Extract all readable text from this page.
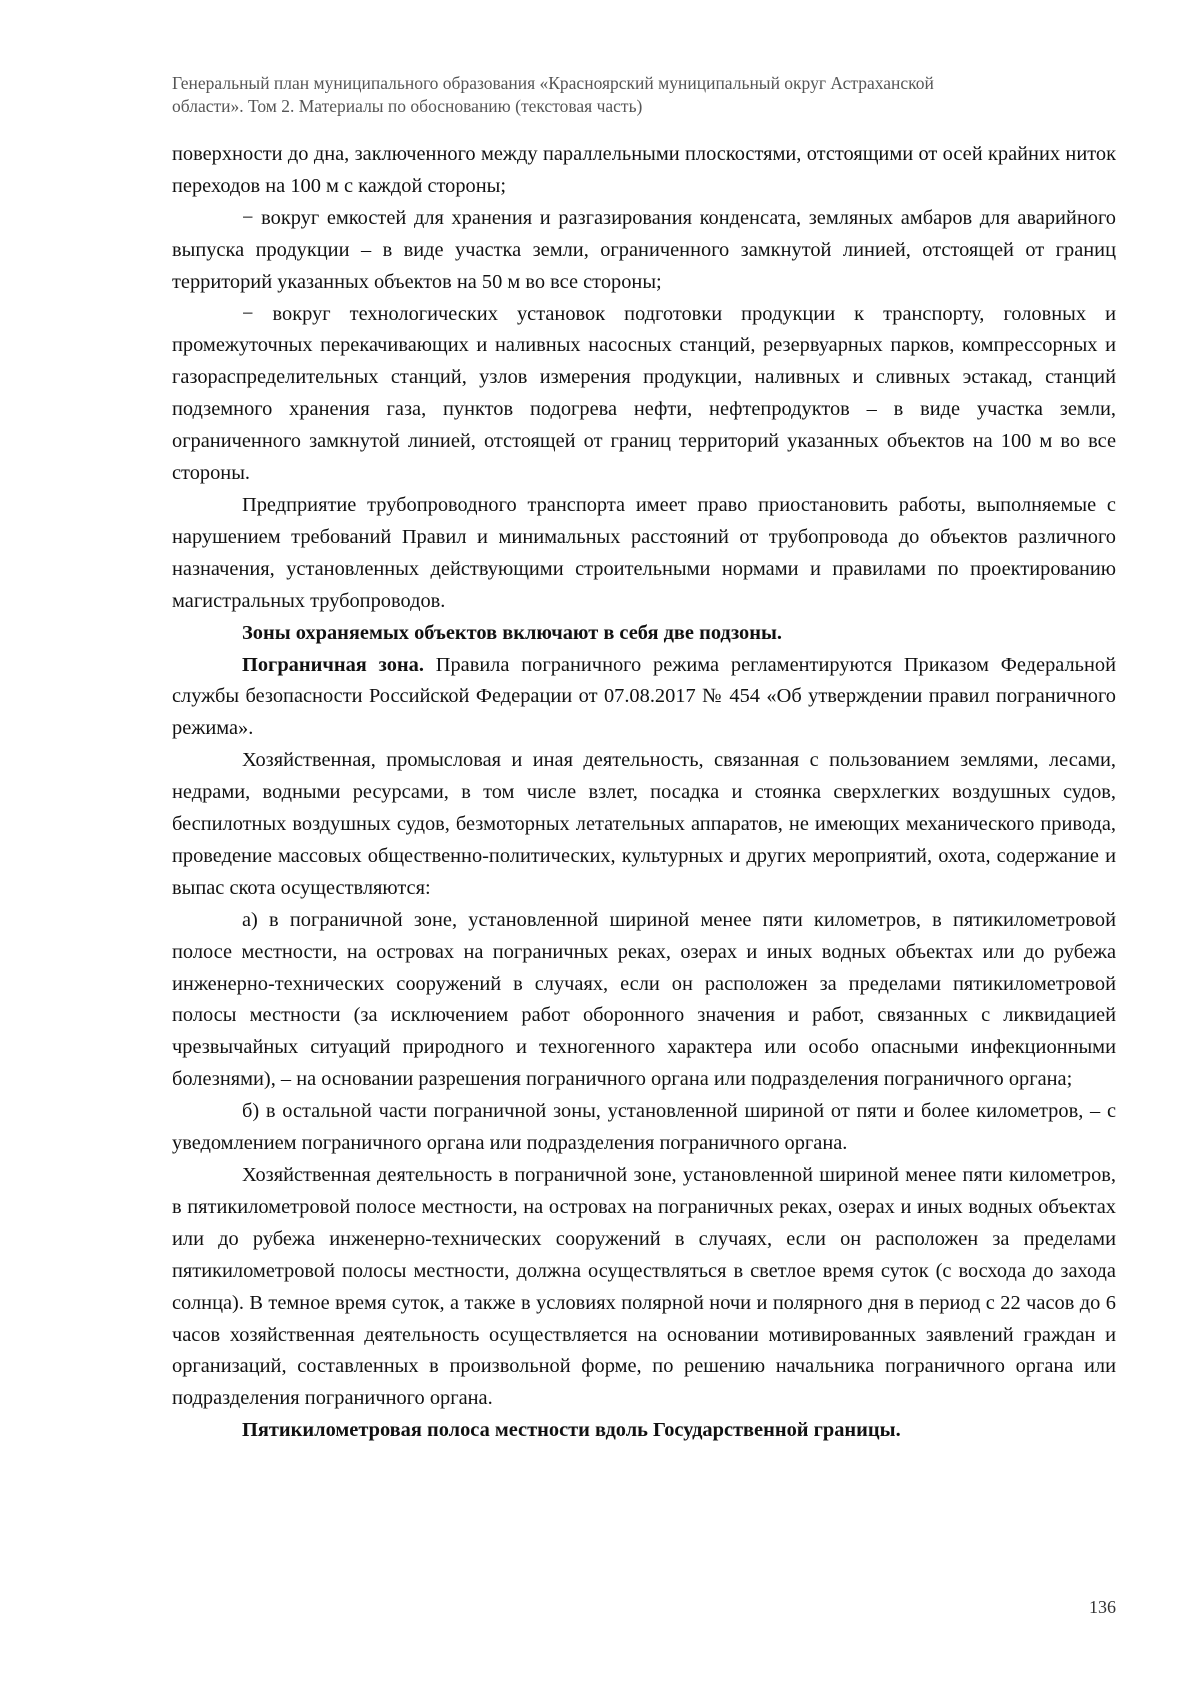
Генеральный план муниципального образования «Красноярский муниципальный округ Астраханской
области». Том 2. Материалы по обоснованию (текстовая часть)

поверхности до дна, заключенного между параллельными плоскостями, отстоящими от осей крайних ниток переходов на 100 м с каждой стороны;

− вокруг емкостей для хранения и разгазирования конденсата, земляных амбаров для аварийного выпуска продукции – в виде участка земли, ограниченного замкнутой линией, отстоящей от границ территорий указанных объектов на 50 м во все стороны;

− вокруг технологических установок подготовки продукции к транспорту, головных и промежуточных перекачивающих и наливных насосных станций, резервуарных парков, компрессорных и газораспределительных станций, узлов измерения продукции, наливных и сливных эстакад, станций подземного хранения газа, пунктов подогрева нефти, нефтепродуктов – в виде участка земли, ограниченного замкнутой линией, отстоящей от границ территорий указанных объектов на 100 м во все стороны.

Предприятие трубопроводного транспорта имеет право приостановить работы, выполняемые с нарушением требований Правил и минимальных расстояний от трубопровода до объектов различного назначения, установленных действующими строительными нормами и правилами по проектированию магистральных трубопроводов.

Зоны охраняемых объектов включают в себя две подзоны.

Пограничная зона. Правила пограничного режима регламентируются Приказом Федеральной службы безопасности Российской Федерации от 07.08.2017 № 454 «Об утверждении правил пограничного режима».

Хозяйственная, промысловая и иная деятельность, связанная с пользованием землями, лесами, недрами, водными ресурсами, в том числе взлет, посадка и стоянка сверхлегких воздушных судов, беспилотных воздушных судов, безмоторных летательных аппаратов, не имеющих механического привода, проведение массовых общественно-политических, культурных и других мероприятий, охота, содержание и выпас скота осуществляются:

а) в пограничной зоне, установленной шириной менее пяти километров, в пятикилометровой полосе местности, на островах на пограничных реках, озерах и иных водных объектах или до рубежа инженерно-технических сооружений в случаях, если он расположен за пределами пятикилометровой полосы местности (за исключением работ оборонного значения и работ, связанных с ликвидацией чрезвычайных ситуаций природного и техногенного характера или особо опасными инфекционными болезнями), – на основании разрешения пограничного органа или подразделения пограничного органа;

б) в остальной части пограничной зоны, установленной шириной от пяти и более километров, – с уведомлением пограничного органа или подразделения пограничного органа.

Хозяйственная деятельность в пограничной зоне, установленной шириной менее пяти километров, в пятикилометровой полосе местности, на островах на пограничных реках, озерах и иных водных объектах или до рубежа инженерно-технических сооружений в случаях, если он расположен за пределами пятикилометровой полосы местности, должна осуществляться в светлое время суток (с восхода до захода солнца). В темное время суток, а также в условиях полярной ночи и полярного дня в период с 22 часов до 6 часов хозяйственная деятельность осуществляется на основании мотивированных заявлений граждан и организаций, составленных в произвольной форме, по решению начальника пограничного органа или подразделения пограничного органа.

Пятикилометровая полоса местности вдоль Государственной границы.

136
